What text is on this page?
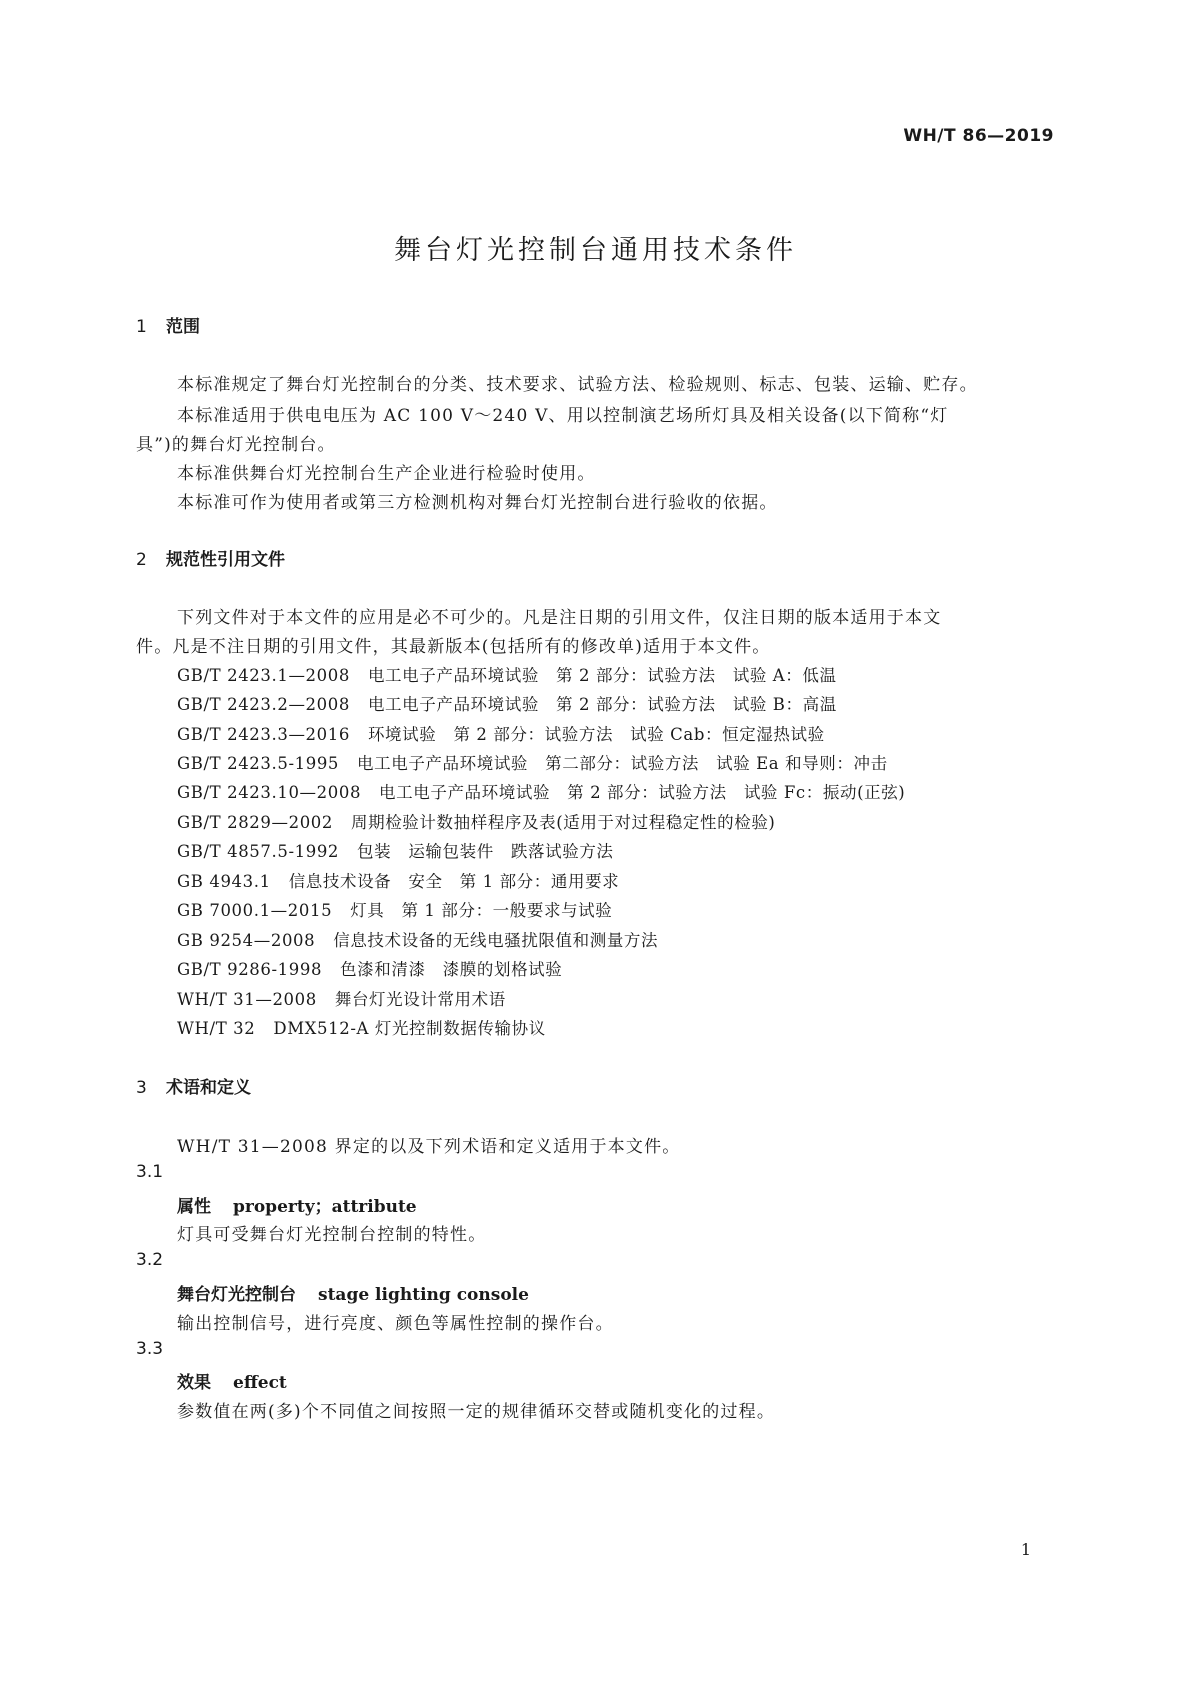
WH/T 86—2019
舞台灯光控制台通用技术条件
1 范围
本标准规定了舞台灯光控制台的分类、技术要求、试验方法、检验规则、标志、包装、运输、贮存。
本标准适用于供电电压为 AC 100 V～240 V、用以控制演艺场所灯具及相关设备(以下简称“灯
具”)的舞台灯光控制台。
本标准供舞台灯光控制台生产企业进行检验时使用。
本标准可作为使用者或第三方检测机构对舞台灯光控制台进行验收的依据。
2 规范性引用文件
下列文件对于本文件的应用是必不可少的。凡是注日期的引用文件，仅注日期的版本适用于本文
件。凡是不注日期的引用文件，其最新版本(包括所有的修改单)适用于本文件。
GB/T 2423.1—2008 电工电子产品环境试验　第 2 部分：试验方法　试验 A：低温
GB/T 2423.2—2008 电工电子产品环境试验　第 2 部分：试验方法　试验 B：高温
GB/T 2423.3—2016 环境试验　第 2 部分：试验方法　试验 Cab：恒定湿热试验
GB/T 2423.5-1995 电工电子产品环境试验　第二部分：试验方法　试验 Ea 和导则：冲击
GB/T 2423.10—2008 电工电子产品环境试验　第 2 部分：试验方法　试验 Fc：振动(正弦)
GB/T 2829—2002 周期检验计数抽样程序及表(适用于对过程稳定性的检验)
GB/T 4857.5-1992 包装　运输包装件　跌落试验方法
GB 4943.1 信息技术设备　安全　第 1 部分：通用要求
GB 7000.1—2015 灯具　第 1 部分：一般要求与试验
GB 9254—2008 信息技术设备的无线电骚扰限值和测量方法
GB/T 9286-1998 色漆和清漆　漆膜的划格试验
WH/T 31—2008 舞台灯光设计常用术语
WH/T 32 DMX512-A 灯光控制数据传输协议
3 术语和定义
WH/T 31—2008 界定的以及下列术语和定义适用于本文件。
3.1
属性 property；attribute
灯具可受舞台灯光控制台控制的特性。
3.2
舞台灯光控制台 stage lighting console
输出控制信号，进行亮度、颜色等属性控制的操作台。
3.3
效果 effect
参数值在两(多)个不同值之间按照一定的规律循环交替或随机变化的过程。
1
